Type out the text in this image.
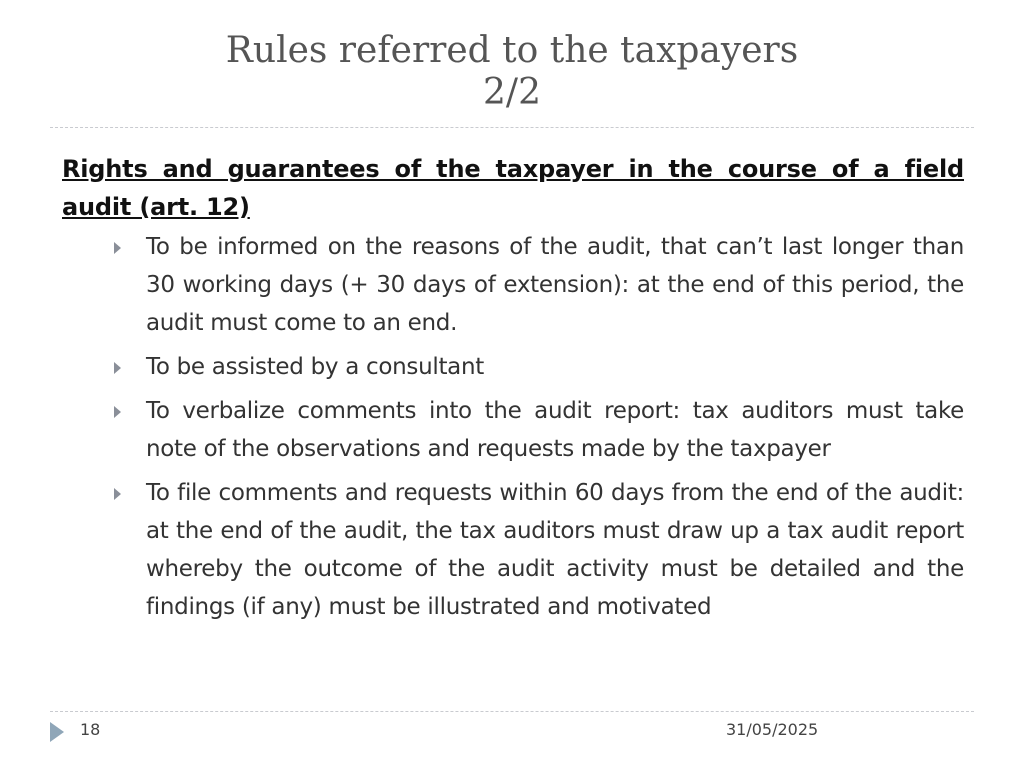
Rules referred to the taxpayers
2/2
Rights and guarantees of the taxpayer in the course of a field audit (art. 12)
To be informed on the reasons of the audit, that can’t last longer than 30 working days (+ 30 days of extension): at the end of this period, the audit must come to an end.
To be assisted by a consultant
To verbalize comments into the audit report: tax auditors must take note of the observations and requests made by the taxpayer
To file comments and requests within 60 days from the end of the audit: at the end of the audit, the tax auditors must draw up a tax audit report whereby the outcome of the audit activity must be detailed and the findings (if any) must be illustrated and motivated
18	31/05/2025
